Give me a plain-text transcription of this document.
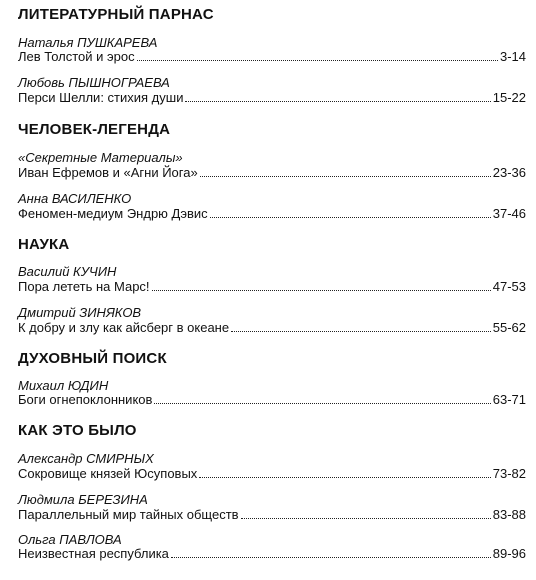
ЛИТЕРАТУРНЫЙ ПАРНАС
Наталья ПУШКАРЕВА
Лев Толстой и эрос	3-14
Любовь ПЫШНОГРАЕВА
Перси Шелли: стихия души	15-22
ЧЕЛОВЕК-ЛЕГЕНДА
«Секретные Материалы»
Иван Ефремов и «Агни Йога»	23-36
Анна ВАСИЛЕНКО
Феномен-медиум Эндрю Дэвис	37-46
НАУКА
Василий КУЧИН
Пора лететь на Марс!	47-53
Дмитрий ЗИНЯКОВ
К добру и злу как айсберг в океане	55-62
ДУХОВНЫЙ ПОИСК
Михаил ЮДИН
Боги огнепоклонников	63-71
КАК ЭТО БЫЛО
Александр СМИРНЫХ
Сокровище князей Юсуповых	73-82
Людмила БЕРЕЗИНА
Параллельный мир тайных обществ	83-88
Ольга ПАВЛОВА
Неизвестная республика	89-96
